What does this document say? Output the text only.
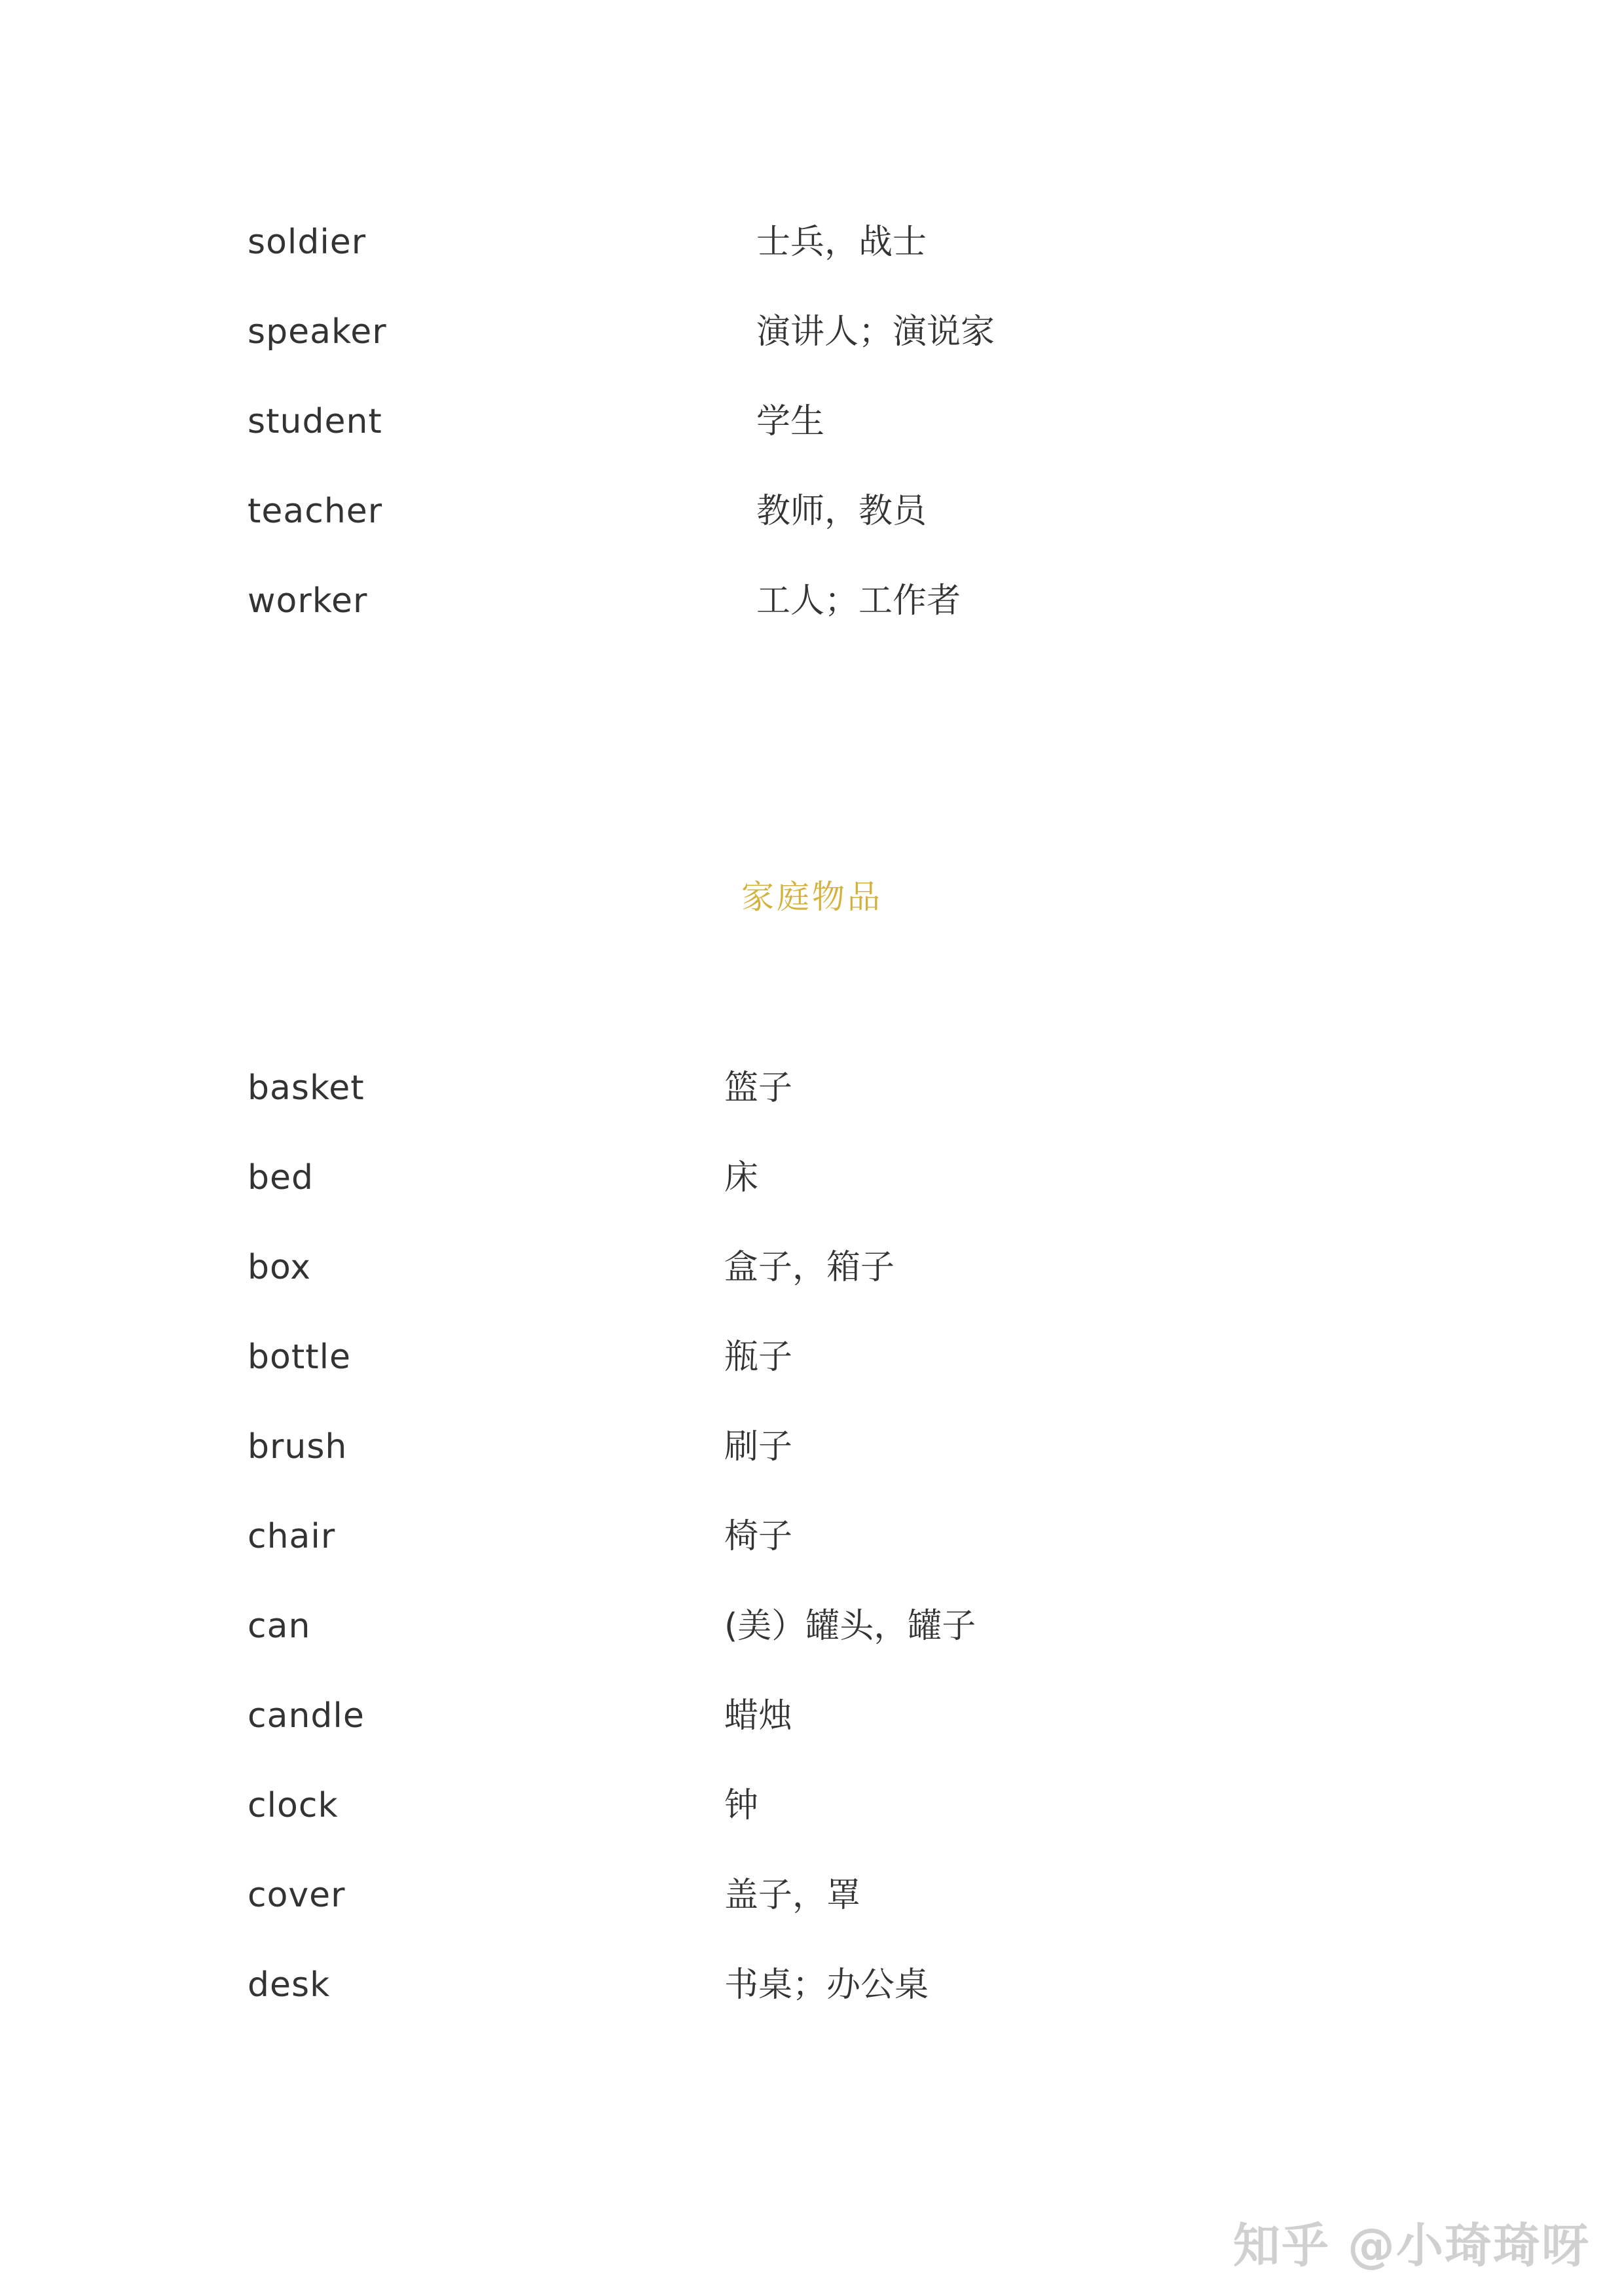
soldier	士兵，战士
speaker	演讲人；演说家
student	学生
teacher	教师，教员
worker	工人；工作者
家庭物品
basket	篮子
bed	床
box	盒子，箱子
bottle	瓶子
brush	刷子
chair	椅子
can	(美）罐头，罐子
candle	蜡烛
clock	钟
cover	盖子，罩
desk	书桌；办公桌
知乎 @小琦琦呀
